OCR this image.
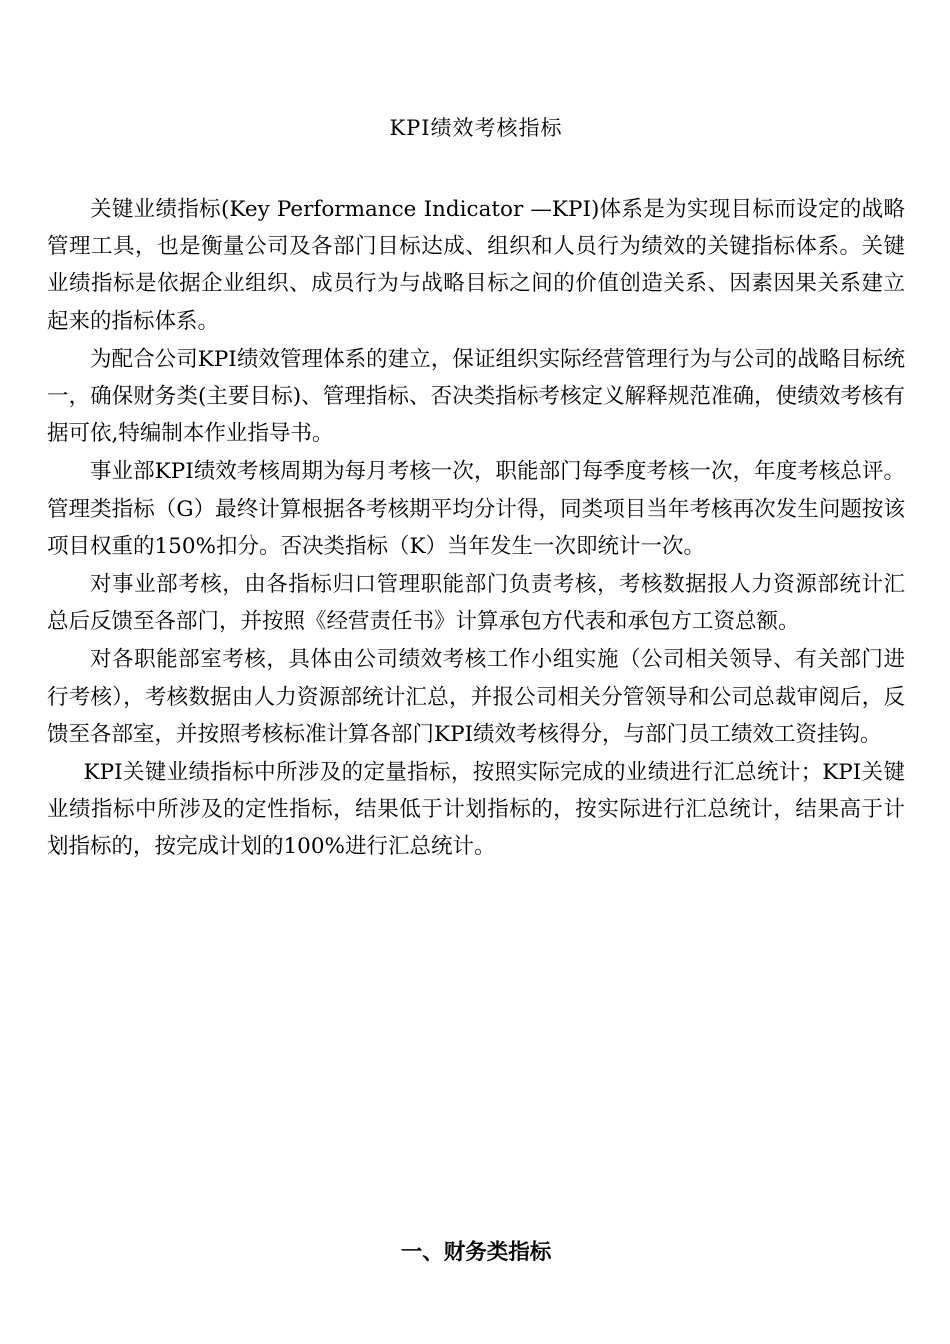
KPI绩效考核指标

关键业绩指标(Key Performance Indicator —KPI)体系是为实现目标而设定的战略管理工具，也是衡量公司及各部门目标达成、组织和人员行为绩效的关键指标体系。关键业绩指标是依据企业组织、成员行为与战略目标之间的价值创造关系、因素因果关系建立起来的指标体系。

为配合公司KPI绩效管理体系的建立，保证组织实际经营管理行为与公司的战略目标统一，确保财务类(主要目标)、管理指标、否决类指标考核定义解释规范准确，使绩效考核有据可依,特编制本作业指导书。

事业部KPI绩效考核周期为每月考核一次，职能部门每季度考核一次，年度考核总评。管理类指标（G）最终计算根据各考核期平均分计得，同类项目当年考核再次发生问题按该项目权重的150%扣分。否决类指标（K）当年发生一次即统计一次。

对事业部考核，由各指标归口管理职能部门负责考核，考核数据报人力资源部统计汇总后反馈至各部门，并按照《经营责任书》计算承包方代表和承包方工资总额。

对各职能部室考核，具体由公司绩效考核工作小组实施（公司相关领导、有关部门进行考核），考核数据由人力资源部统计汇总，并报公司相关分管领导和公司总裁审阅后，反馈至各部室，并按照考核标准计算各部门KPI绩效考核得分，与部门员工绩效工资挂钩。

KPI关键业绩指标中所涉及的定量指标，按照实际完成的业绩进行汇总统计；KPI关键业绩指标中所涉及的定性指标，结果低于计划指标的，按实际进行汇总统计，结果高于计划指标的，按完成计划的100%进行汇总统计。

一、财务类指标
